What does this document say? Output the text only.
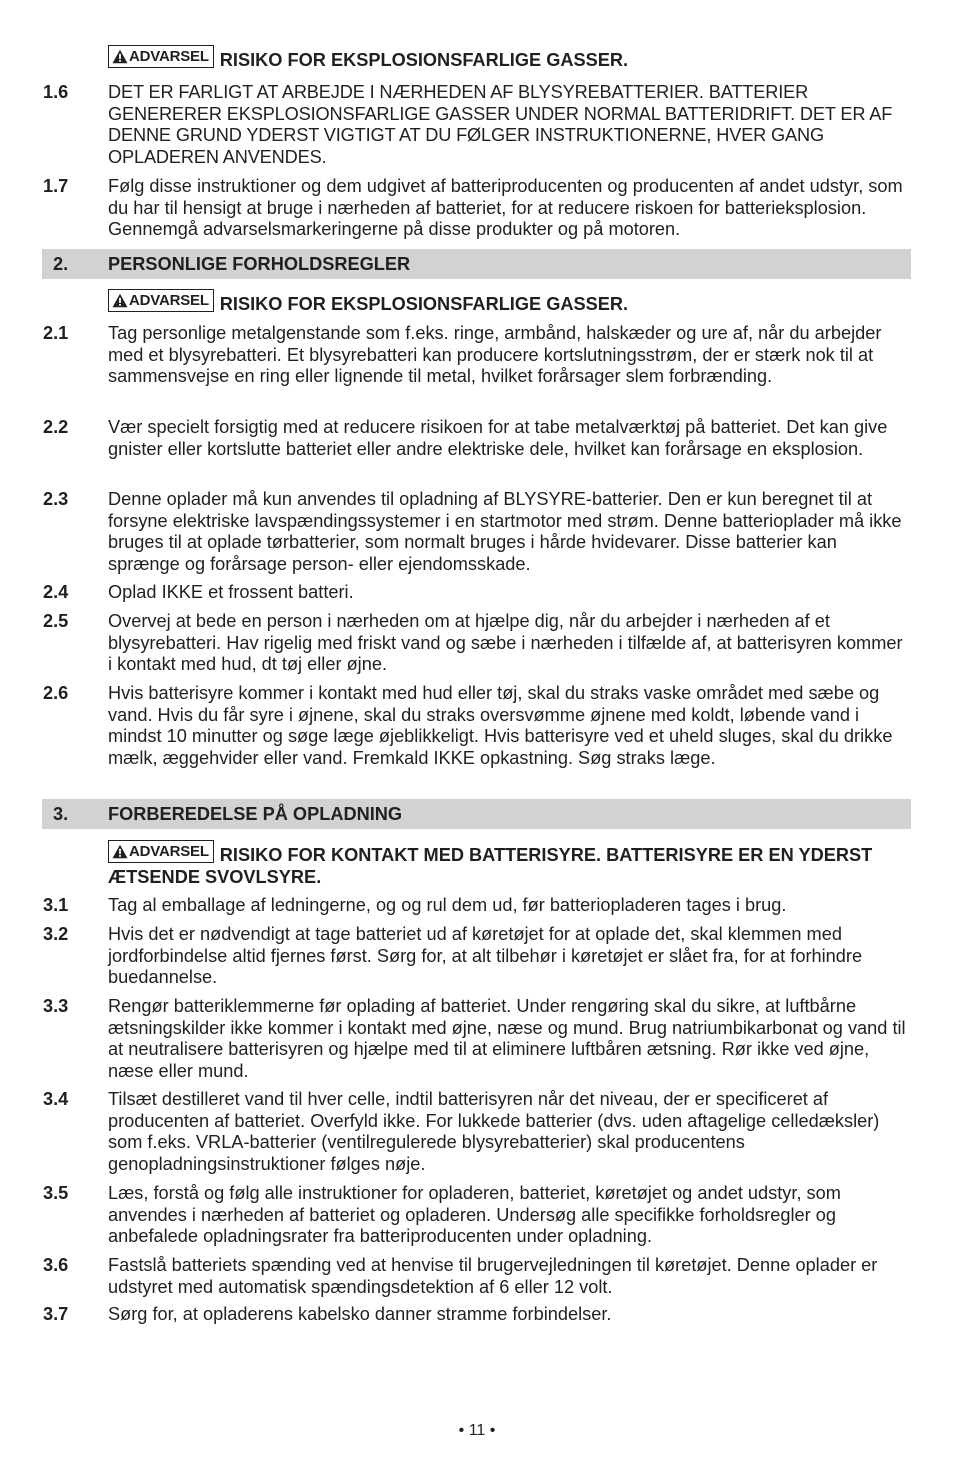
ADVARSEL RISIKO FOR EKSPLOSIONSFARLIGE GASSER.
1.6 DET ER FARLIGT AT ARBEJDE I NÆRHEDEN AF BLYSYREBATTERIER. BATTERIER GENERERER EKSPLOSIONSFARLIGE GASSER UNDER NORMAL BATTERIDRIFT. DET ER AF DENNE GRUND YDERST VIGTIGT AT DU FØLGER INSTRUKTIONERNE, HVER GANG OPLADEREN ANVENDES.
1.7 Følg disse instruktioner og dem udgivet af batteriproducenten og producenten af andet udstyr, som du har til hensigt at bruge i nærheden af batteriet, for at reducere riskoen for batterieksplosion. Gennemgå advarselsmarkeringerne på disse produkter og på motoren.
2. PERSONLIGE FORHOLDSREGLER
ADVARSEL RISIKO FOR EKSPLOSIONSFARLIGE GASSER.
2.1 Tag personlige metalgenstande som f.eks. ringe, armbånd, halskæder og ure af, når du arbejder med et blysyrebatteri. Et blysyrebatteri kan producere kortslutningsstrøm, der er stærk nok til at sammensvejse en ring eller lignende til metal, hvilket forårsager slem forbrænding.
2.2 Vær specielt forsigtig med at reducere risikoen for at tabe metalværktøj på batteriet. Det kan give gnister eller kortslutte batteriet eller andre elektriske dele, hvilket kan forårsage en eksplosion.
2.3 Denne oplader må kun anvendes til opladning af BLYSYRE-batterier. Den er kun beregnet til at forsyne elektriske lavspændingssystemer i en startmotor med strøm. Denne batterioplader må ikke bruges til at oplade tørbatterier, som normalt bruges i hårde hvidevarer. Disse batterier kan sprænge og forårsage person- eller ejendomsskade.
2.4 Oplad IKKE et frossent batteri.
2.5 Overvej at bede en person i nærheden om at hjælpe dig, når du arbejder i nærheden af et blysyrebatteri. Hav rigelig med friskt vand og sæbe i nærheden i tilfælde af, at batterisyren kommer i kontakt med hud, dt tøj eller øjne.
2.6 Hvis batterisyre kommer i kontakt med hud eller tøj, skal du straks vaske området med sæbe og vand. Hvis du får syre i øjnene, skal du straks oversvømme øjnene med koldt, løbende vand i mindst 10 minutter og søge læge øjeblikkeligt. Hvis batterisyre ved et uheld sluges, skal du drikke mælk, æggehvider eller vand. Fremkald IKKE opkastning. Søg straks læge.
3. FORBEREDELSE PÅ OPLADNING
ADVARSEL RISIKO FOR KONTAKT MED BATTERISYRE. BATTERISYRE ER EN YDERST ÆTSENDE SVOVLSYRE.
3.1 Tag al emballage af ledningerne, og og rul dem ud, før batteriopladeren tages i brug.
3.2 Hvis det er nødvendigt at tage batteriet ud af køretøjet for at oplade det, skal klemmen med jordforbindelse altid fjernes først. Sørg for, at alt tilbehør i køretøjet er slået fra, for at forhindre buedannelse.
3.3 Rengør batteriklemmerne før oplading af batteriet. Under rengøring skal du sikre, at luftbårne ætsningskilder ikke kommer i kontakt med øjne, næse og mund. Brug natriumbikarbonat og vand til at neutralisere batterisyren og hjælpe med til at eliminere luftbåren ætsning. Rør ikke ved øjne, næse eller mund.
3.4 Tilsæt destilleret vand til hver celle, indtil batterisyren når det niveau, der er specificeret af producenten af batteriet. Overfyld ikke. For lukkede batterier (dvs. uden aftagelige celledæksler) som f.eks. VRLA-batterier (ventilregulerede blysyrebatterier) skal producentens genopladningsinstruktioner følges nøje.
3.5 Læs, forstå og følg alle instruktioner for opladeren, batteriet, køretøjet og andet udstyr, som anvendes i nærheden af batteriet og opladeren. Undersøg alle specifikke forholdsregler og anbefalede opladningsrater fra batteriproducenten under opladning.
3.6 Fastslå batteriets spænding ved at henvise til brugervejledningen til køretøjet. Denne oplader er udstyret med automatisk spændingsdetektion af 6 eller 12 volt.
3.7 Sørg for, at opladerens kabelsko danner stramme forbindelser.
• 11 •
